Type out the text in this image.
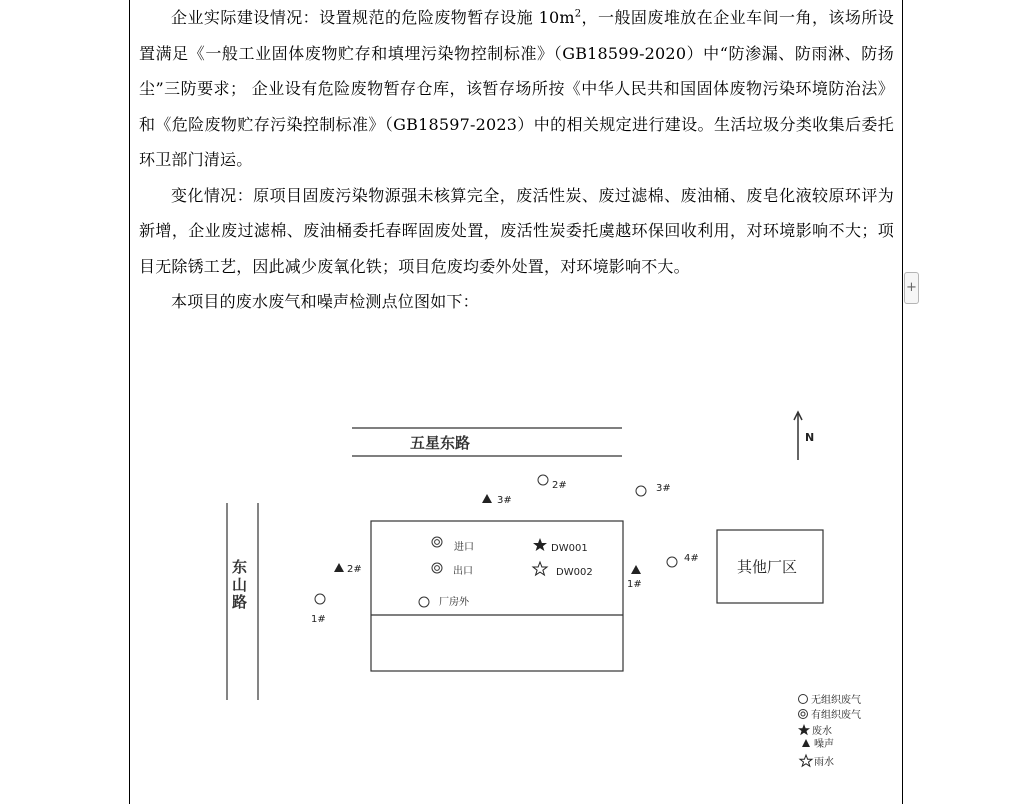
企业实际建设情况：设置规范的危险废物暂存设施 $10m^2$，一般固废堆放在企业车间一角，该场所设置满足《一般工业固体废物贮存和填埋污染物控制标准》（GB18599-2020）中“防渗漏、防雨淋、防扬尘”三防要求； 企业设有危险废物暂存仓库，该暂存场所按《中华人民共和国固体废物污染环境防治法》和《危险废物贮存污染控制标准》（GB18597-2023）中的相关规定进行建设。生活垃圾分类收集后委托环卫部门清运。

变化情况：原项目固废污染物源强未核算完全，废活性炭、废过滤棉、废油桶、废皂化液较原环评为新增，企业废过滤棉、废油桶委托春晖固废处置，废活性炭委托虞越环保回收利用，对环境影响不大；项目无除锈工艺，因此减少废氧化铁；项目危废均委外处置，对环境影响不大。

本项目的废水废气和噪声检测点位图如下：

+
N
五星东路
东
山
路
其他厂区
进口
出口
DW001
DW002
厂房外
2#	3#
4#
1#
3#
2#
1#
无组织废气
有组织废气
废水
噪声
雨水
